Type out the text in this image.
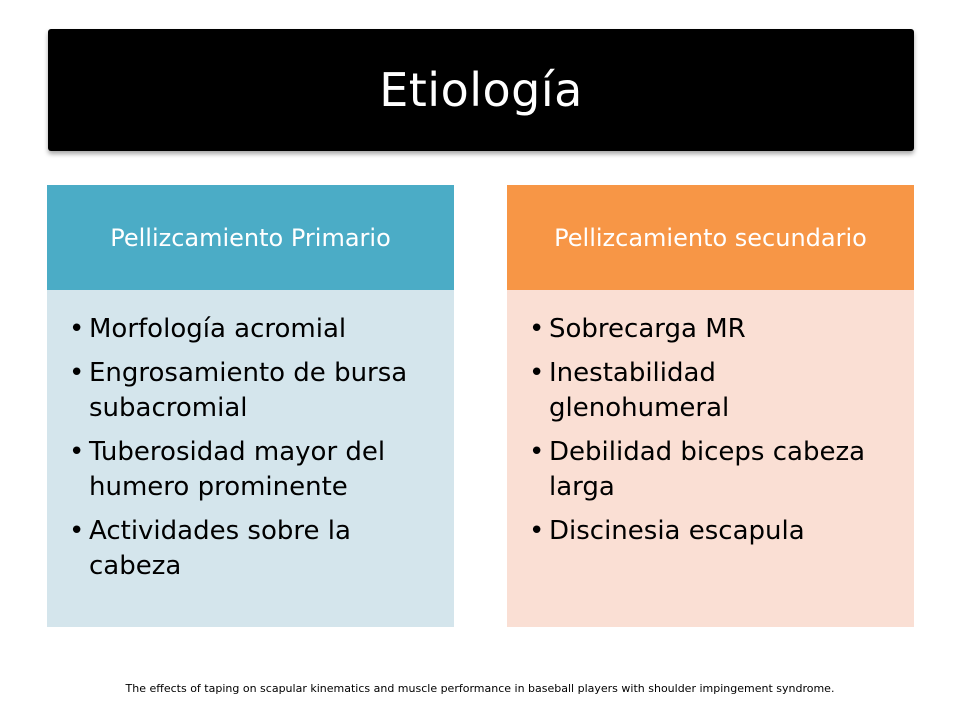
Etiología
Pellizcamiento Primario
• Morfología acromial
• Engrosamiento de bursa subacromial
• Tuberosidad mayor del humero prominente
• Actividades sobre la cabeza
Pellizcamiento secundario
• Sobrecarga MR
• Inestabilidad glenohumeral
• Debilidad biceps cabeza larga
• Discinesia escapula
The effects of taping on scapular kinematics and muscle performance in baseball players with shoulder impingement syndrome.
